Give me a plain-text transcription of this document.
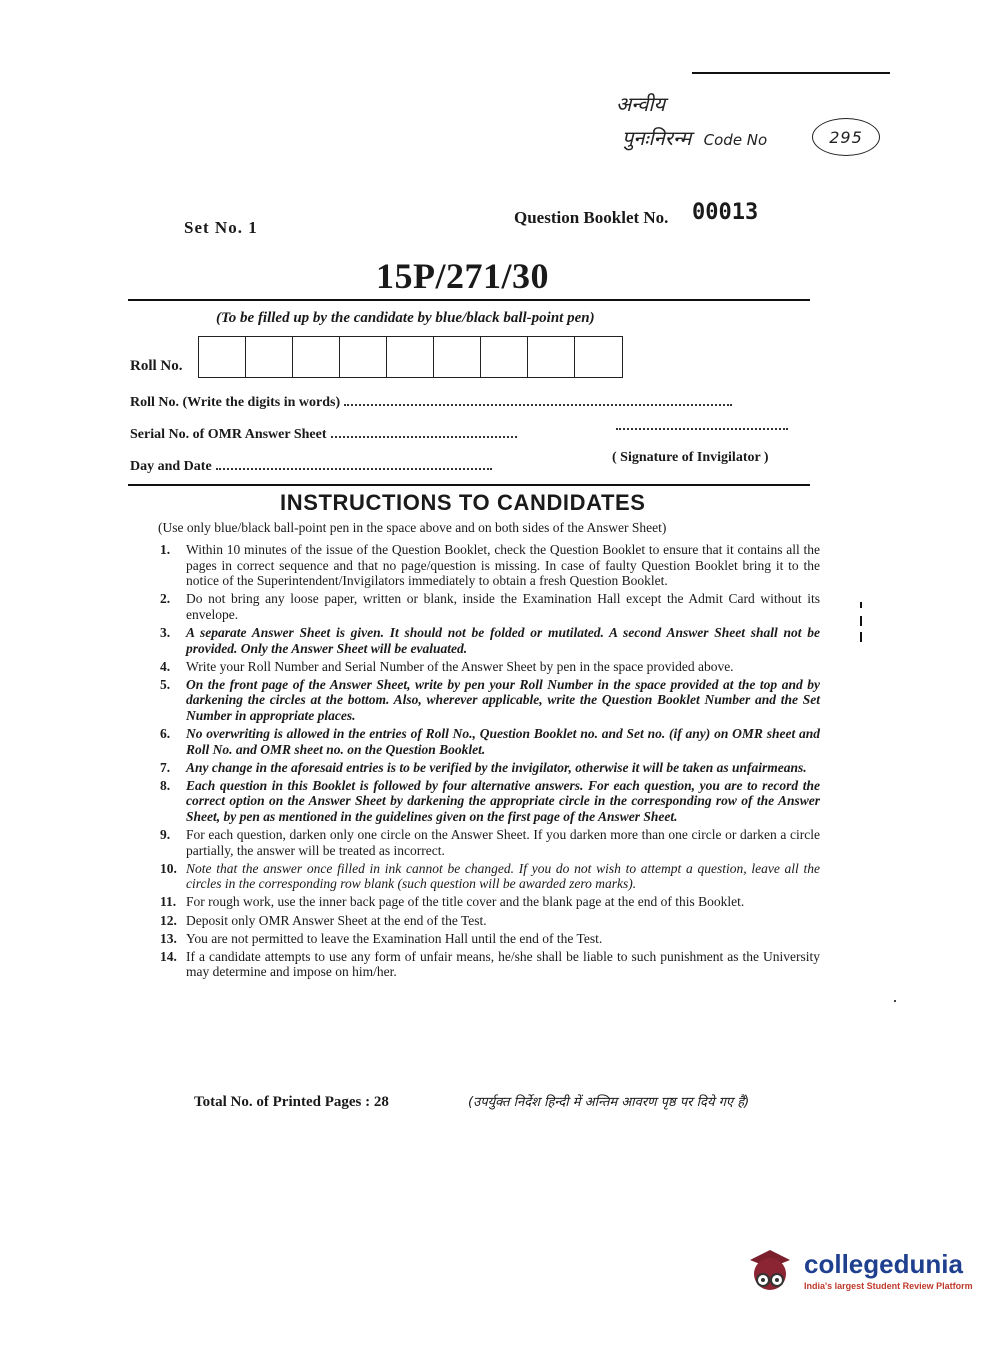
अन्वीय
पुनःनिरन्म Code No	295
Set No. 1
Question Booklet No. 00013
15P/271/30
(To be filled up by the candidate by blue/black ball-point pen)
Roll No.
Roll No. (Write the digits in words)
Serial No. of OMR Answer Sheet
Day and Date
( Signature of Invigilator )
INSTRUCTIONS TO CANDIDATES
(Use only blue/black ball-point pen in the space above and on both sides of the Answer Sheet)
1.	Within 10 minutes of the issue of the Question Booklet, check the Question Booklet to ensure that it contains all the pages in correct sequence and that no page/question is missing. In case of faulty Question Booklet bring it to the notice of the Superintendent/Invigilators immediately to obtain a fresh Question Booklet.
2.	Do not bring any loose paper, written or blank, inside the Examination Hall except the Admit Card without its envelope.
3.	A separate Answer Sheet is given. It should not be folded or mutilated. A second Answer Sheet shall not be provided. Only the Answer Sheet will be evaluated.
4.	Write your Roll Number and Serial Number of the Answer Sheet by pen in the space provided above.
5.	On the front page of the Answer Sheet, write by pen your Roll Number in the space provided at the top and by darkening the circles at the bottom. Also, wherever applicable, write the Question Booklet Number and the Set Number in appropriate places.
6.	No overwriting is allowed in the entries of Roll No., Question Booklet no. and Set no. (if any) on OMR sheet and Roll No. and OMR sheet no. on the Question Booklet.
7.	Any change in the aforesaid entries is to be verified by the invigilator, otherwise it will be taken as unfairmeans.
8.	Each question in this Booklet is followed by four alternative answers. For each question, you are to record the correct option on the Answer Sheet by darkening the appropriate circle in the corresponding row of the Answer Sheet, by pen as mentioned in the guidelines given on the first page of the Answer Sheet.
9.	For each question, darken only one circle on the Answer Sheet. If you darken more than one circle or darken a circle partially, the answer will be treated as incorrect.
10. Note that the answer once filled in ink cannot be changed. If you do not wish to attempt a question, leave all the circles in the corresponding row blank (such question will be awarded zero marks).
11. For rough work, use the inner back page of the title cover and the blank page at the end of this Booklet.
12. Deposit only OMR Answer Sheet at the end of the Test.
13. You are not permitted to leave the Examination Hall until the end of the Test.
14. If a candidate attempts to use any form of unfair means, he/she shall be liable to such punishment as the University may determine and impose on him/her.
Total No. of Printed Pages : 28	(उपर्युक्त निर्देश हिन्दी में अन्तिम आवरण पृष्ठ पर दिये गए हैं)
collegedunia
India's largest Student Review Platform
